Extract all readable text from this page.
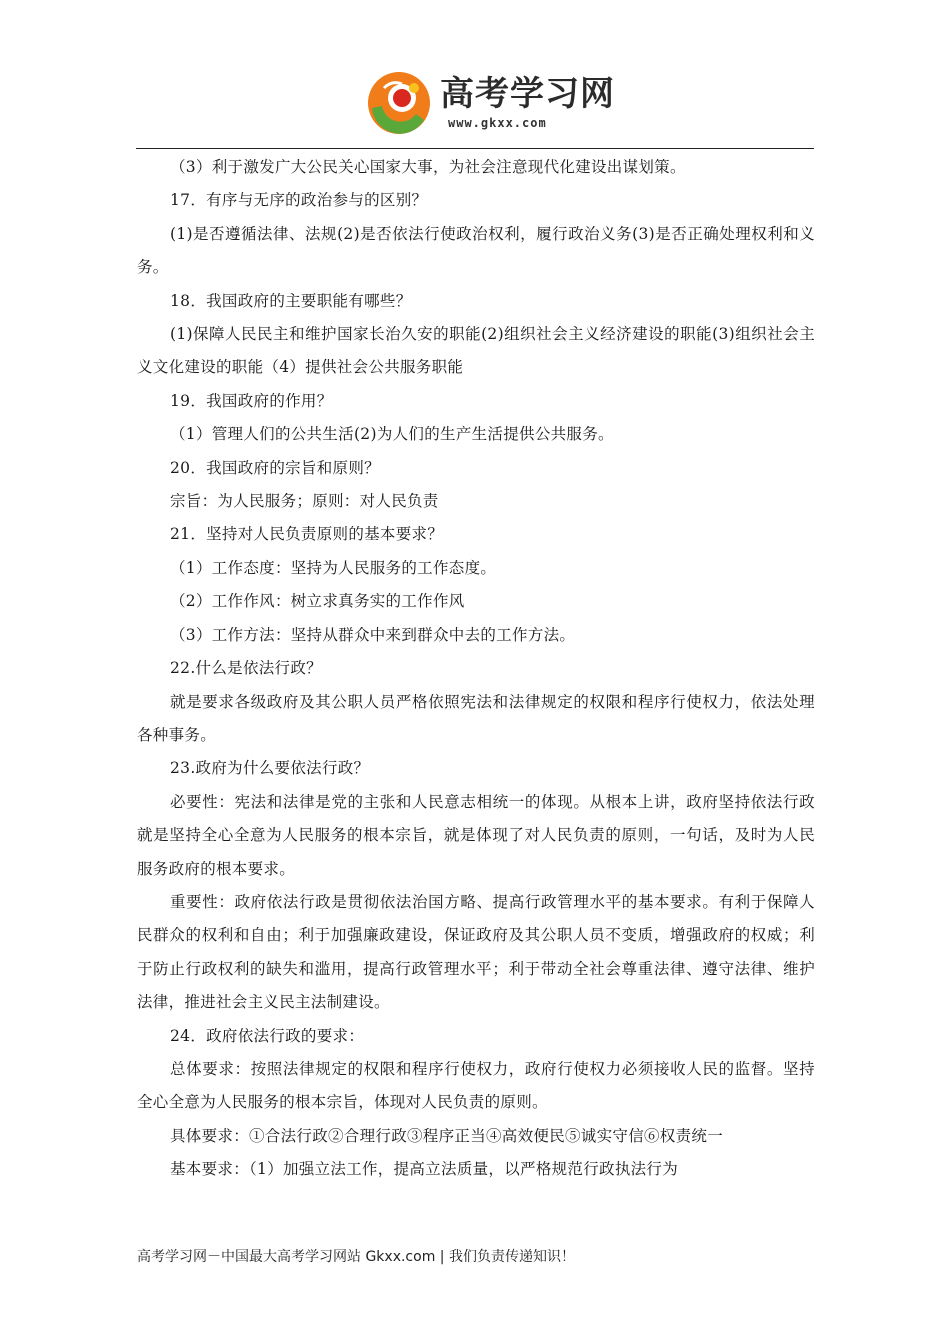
高考学习网
www.gkxx.com

（3）利于激发广大公民关心国家大事，为社会注意现代化建设出谋划策。

17．有序与无序的政治参与的区别？

(1)是否遵循法律、法规(2)是否依法行使政治权利，履行政治义务(3)是否正确处理权利和义务。

18．我国政府的主要职能有哪些？

(1)保障人民民主和维护国家长治久安的职能(2)组织社会主义经济建设的职能(3)组织社会主义文化建设的职能（4）提供社会公共服务职能

19．我国政府的作用？

（1）管理人们的公共生活(2)为人们的生产生活提供公共服务。

20．我国政府的宗旨和原则？

宗旨：为人民服务；原则：对人民负责

21．坚持对人民负责原则的基本要求？

（1）工作态度：坚持为人民服务的工作态度。

（2）工作作风：树立求真务实的工作作风

（3）工作方法：坚持从群众中来到群众中去的工作方法。

22.什么是依法行政？

就是要求各级政府及其公职人员严格依照宪法和法律规定的权限和程序行使权力，依法处理各种事务。

23.政府为什么要依法行政？

必要性：宪法和法律是党的主张和人民意志相统一的体现。从根本上讲，政府坚持依法行政就是坚持全心全意为人民服务的根本宗旨，就是体现了对人民负责的原则，一句话，及时为人民服务政府的根本要求。

重要性：政府依法行政是贯彻依法治国方略、提高行政管理水平的基本要求。有利于保障人民群众的权利和自由；利于加强廉政建设，保证政府及其公职人员不变质，增强政府的权威；利于防止行政权利的缺失和滥用，提高行政管理水平；利于带动全社会尊重法律、遵守法律、维护法律，推进社会主义民主法制建设。

24．政府依法行政的要求：

总体要求：按照法律规定的权限和程序行使权力，政府行使权力必须接收人民的监督。坚持全心全意为人民服务的根本宗旨，体现对人民负责的原则。

具体要求：①合法行政②合理行政③程序正当④高效便民⑤诚实守信⑥权责统一

基本要求：（1）加强立法工作，提高立法质量，以严格规范行政执法行为

高考学习网－中国最大高考学习网站 Gkxx.com | 我们负责传递知识！
